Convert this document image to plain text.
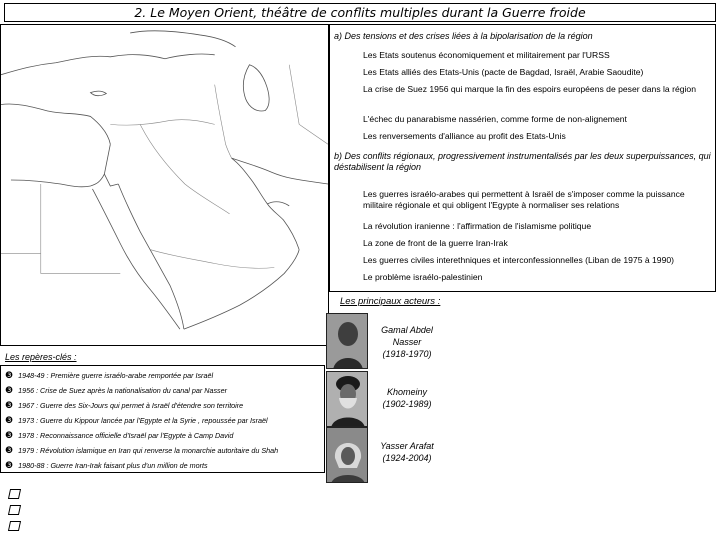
2. Le Moyen Orient, théâtre de conflits multiples durant la Guerre froide
a) Des tensions et des crises liées à la bipolarisation de la région
Les Etats soutenus économiquement et militairement par l'URSS
Les Etats alliés des Etats-Unis (pacte de Bagdad, Israël, Arabie Saoudite)
La crise de Suez 1956 qui marque la fin des espoirs européens de peser dans la région
L'échec du panarabisme nassérien, comme forme de non-alignement
Les renversements d'alliance au profit des Etats-Unis
b) Des conflits régionaux, progressivement instrumentalisés par les deux superpuissances, qui déstabilisent la région
Les guerres israélo-arabes qui permettent à Israël de s'imposer comme la puissance militaire régionale et qui obligent l'Egypte à normaliser ses relations
La révolution iranienne : l'affirmation de l'islamisme politique
La zone de front de la guerre Iran-Irak
Les guerres civiles interethniques et interconfessionnelles (Liban de 1975 à 1990)
Le problème israélo-palestinien
Les principaux acteurs :
Gamal Abdel Nasser
(1918-1970)
Khomeiny
(1902-1989)
Yasser Arafat
(1924-2004)
Les repères-clés :
❸ 1948-49 : Première guerre israélo-arabe remportée par Israël
❸ 1956 : Crise de Suez après la nationalisation du canal par Nasser
❸ 1967 : Guerre des Six-Jours qui permet à Israël d'étendre son territoire
❸ 1973 : Guerre du Kippour lancée par l'Egypte et la Syrie , repoussée par Israël
❸ 1978 : Reconnaissance officielle d'Israël par l'Egypte à Camp David
❸ 1979 : Révolution islamique en Iran qui renverse la monarchie autoritaire du Shah
❸ 1980-88 : Guerre Iran-Irak faisant plus d'un million de morts
